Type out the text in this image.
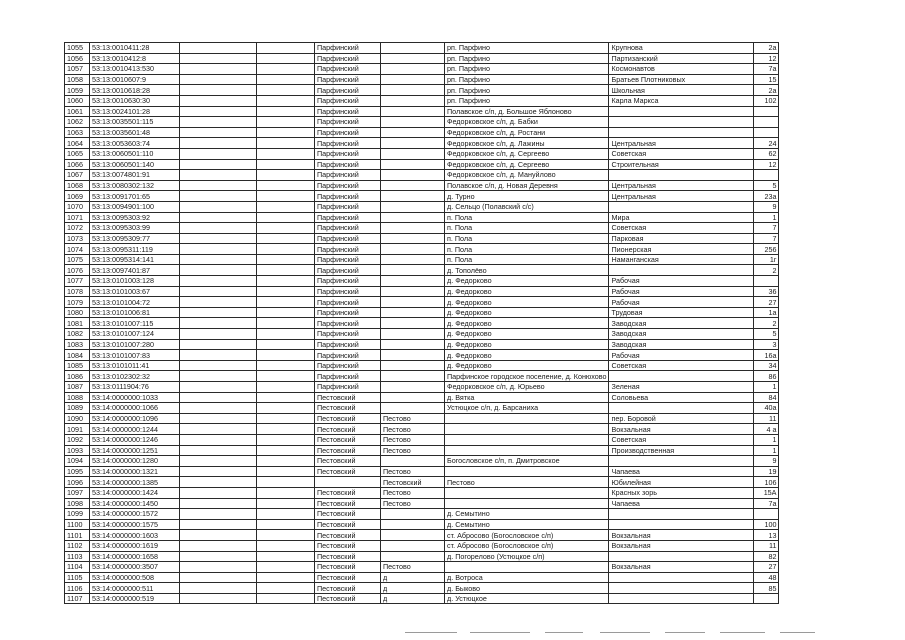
1055	53:13:0010411:28			Парфинский		рп. Парфино	Крупнова	2а
1056	53:13:0010412:8			Парфинский		рп. Парфино	Партизанский	12
1057	53:13:0010413:530			Парфинский		рп. Парфино	Космонавтов	7а
1058	53:13:0010607:9			Парфинский		рп. Парфино	Братьев Плотниковых	15
1059	53:13:0010618:28			Парфинский		рп. Парфино	Школьная	2а
1060	53:13:0010630:30			Парфинский		рп. Парфино	Карла Маркса	102
1061	53:13:0024101:28			Парфинский		Полавское с/п, д. Большое Яблоново		
1062	53:13:0035501:115			Парфинский		Федорковское с/п, д. Бабки		
1063	53:13:0035601:48			Парфинский		Федорковское с/п, д. Ростани		
1064	53:13:0053603:74			Парфинский		Федорковское с/п, д. Лажины	Центральная	24
1065	53:13:0060501:110			Парфинский		Федорковское с/п, д. Сергеево	Советская	62
1066	53:13:0060501:140			Парфинский		Федорковское с/п, д. Сергеево	Строительная	12
1067	53:13:0074801:91			Парфинский		Федорковское с/п, д. Мануйлово		
1068	53:13:0080302:132			Парфинский		Полавское с/п, д. Новая Деревня	Центральная	5
1069	53:13:0091701:65			Парфинский		д. Турно	Центральная	23а
1070	53:13:0094901:100			Парфинский		д. Сельцо (Полавский с/с)		9
1071	53:13:0095303:92			Парфинский		п. Пола	Мира	1
1072	53:13:0095303:99			Парфинский		п. Пола	Советская	7
1073	53:13:0095309:77			Парфинский		п. Пола	Парковая	7
1074	53:13:0095311:119			Парфинский		п. Пола	Пионерская	256
1075	53:13:0095314:141			Парфинский		п. Пола	Наманганская	1г
1076	53:13:0097401:87			Парфинский		д. Тополёво		2
1077	53:13:0101003:128			Парфинский		д. Федорково	Рабочая	
1078	53:13:0101003:67			Парфинский		д. Федорково	Рабочая	36
1079	53:13:0101004:72			Парфинский		д. Федорково	Рабочая	27
1080	53:13:0101006:81			Парфинский		д. Федорково	Трудовая	1а
1081	53:13:0101007:115			Парфинский		д. Федорково	Заводская	2
1082	53:13:0101007:124			Парфинский		д. Федорково	Заводская	5
1083	53:13:0101007:280			Парфинский		д. Федорково	Заводская	3
1084	53:13:0101007:83			Парфинский		д. Федорково	Рабочая	16а
1085	53:13:0101011:41			Парфинский		д. Федорково	Советская	34
1086	53:13:0102302:32			Парфинский		Парфинское городское поселение, д. Конюхово		86
1087	53:13:0111904:76			Парфинский		Федорковское с/п, д. Юрьево	Зеленая	1
1088	53:14:0000000:1033			Пестовский		д. Вятка	Соловьева	84
1089	53:14:0000000:1066			Пестовский		Устюцкое с/п, д. Барсаниха		40а
1090	53:14:0000000:1096			Пестовский	Пестово		пер. Боровой	11
1091	53:14:0000000:1244			Пестовский	Пестово		Вокзальная	4 а
1092	53:14:0000000:1246			Пестовский	Пестово		Советская	1
1093	53:14:0000000:1251			Пестовский	Пестово		Производственная	1
1094	53:14:0000000:1280			Пестовский		Богословское с/п, п. Дмитровское		9
1095	53:14:0000000:1321			Пестовский	Пестово		Чапаева	19
1096	53:14:0000000:1385				Пестовский	Пестово	Юбилейная	106
1097	53:14:0000000:1424			Пестовский	Пестово		Красных зорь	15А
1098	53:14:0000000:1450			Пестовский	Пестово		Чапаева	7а
1099	53:14:0000000:1572			Пестовский		д. Семытино		
1100	53:14:0000000:1575			Пестовский		д. Семытино		100
1101	53:14:0000000:1603			Пестовский		ст. Абросово (Богословское с/п)	Вокзальная	13
1102	53:14:0000000:1619			Пестовский		ст. Абросово (Богословское с/п)	Вокзальная	11
1103	53:14:0000000:1658			Пестовский		д. Погорелово (Устюцкое с/п)		82
1104	53:14:0000000:3507			Пестовский	Пестово		Вокзальная	27
1105	53:14:0000000:508			Пестовский	д	д. Вотроса		48
1106	53:14:0000000:511			Пестовский	д	д. Быково		85
1107	53:14:0000000:519			Пестовский	д	д. Устюцкое		
